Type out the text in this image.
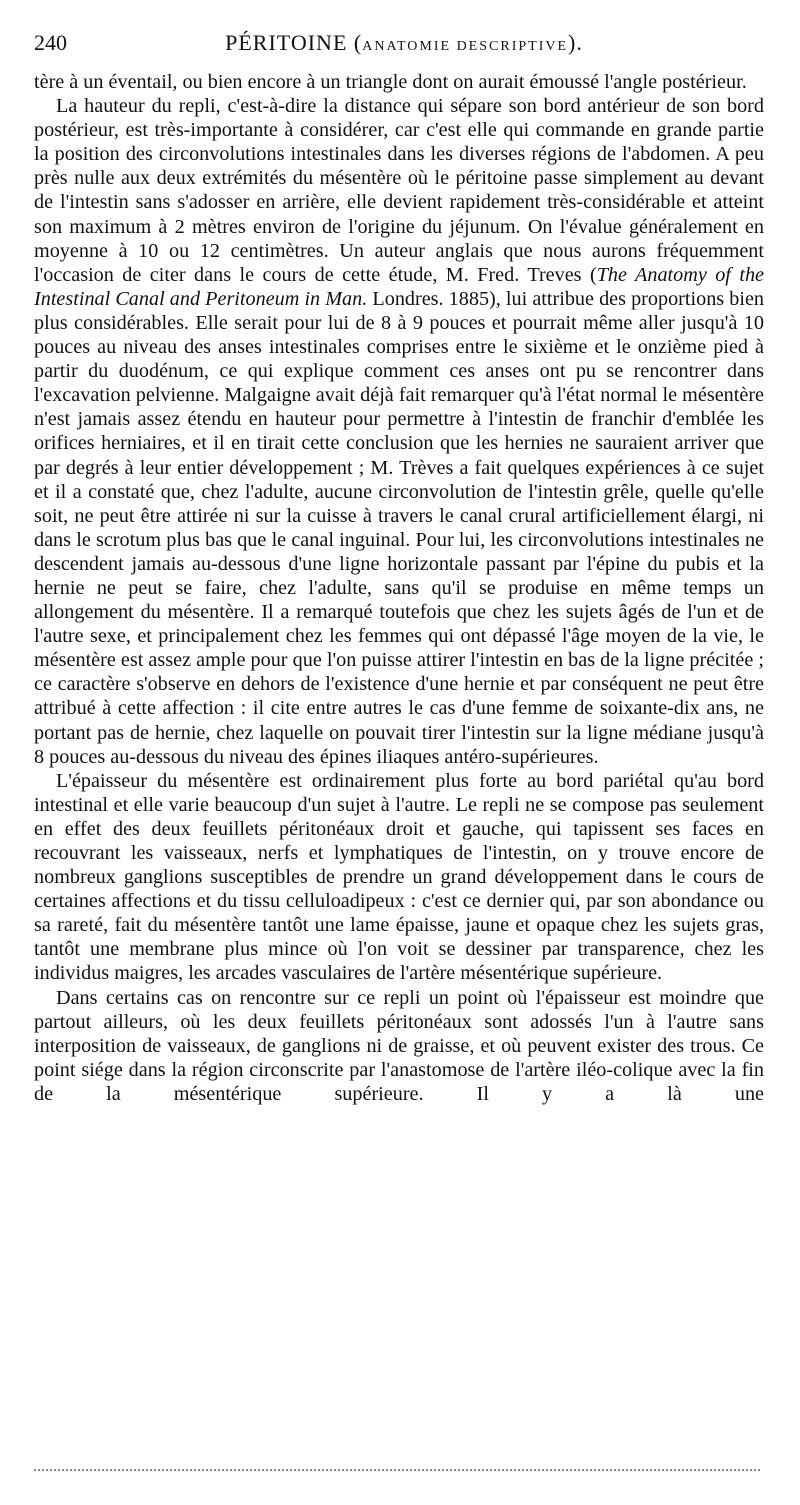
240	PÉRITOINE (ANATOMIE DESCRIPTIVE).

tère à un éventail, ou bien encore à un triangle dont on aurait émoussé l'angle postérieur.

La hauteur du repli, c'est-à-dire la distance qui sépare son bord antérieur de son bord postérieur, est très-importante à considérer, car c'est elle qui commande en grande partie la position des circonvolutions intestinales dans les diverses régions de l'abdomen. A peu près nulle aux deux extrémités du mésentère où le péritoine passe simplement au devant de l'intestin sans s'adosser en arrière, elle devient rapidement très-considérable et atteint son maximum à 2 mètres environ de l'origine du jéjunum. On l'évalue généralement en moyenne à 10 ou 12 centimètres. Un auteur anglais que nous aurons fréquemment l'occasion de citer dans le cours de cette étude, M. Fred. Treves (The Anatomy of the Intestinal Canal and Peritoneum in Man. Londres. 1885), lui attribue des proportions bien plus considérables. Elle serait pour lui de 8 à 9 pouces et pourrait même aller jusqu'à 10 pouces au niveau des anses intestinales comprises entre le sixième et le onzième pied à partir du duodénum, ce qui explique comment ces anses ont pu se rencontrer dans l'excavation pelvienne. Malgaigne avait déjà fait remarquer qu'à l'état normal le mésentère n'est jamais assez étendu en hauteur pour permettre à l'intestin de franchir d'emblée les orifices herniaires, et il en tirait cette conclusion que les hernies ne sauraient arriver que par degrés à leur entier développement ; M. Trèves a fait quelques expériences à ce sujet et il a constaté que, chez l'adulte, aucune circonvolution de l'intestin grêle, quelle qu'elle soit, ne peut être attirée ni sur la cuisse à travers le canal crural artificiellement élargi, ni dans le scrotum plus bas que le canal inguinal. Pour lui, les circonvolutions intestinales ne descendent jamais au-dessous d'une ligne horizontale passant par l'épine du pubis et la hernie ne peut se faire, chez l'adulte, sans qu'il se produise en même temps un allongement du mésentère. Il a remarqué toutefois que chez les sujets âgés de l'un et de l'autre sexe, et principalement chez les femmes qui ont dépassé l'âge moyen de la vie, le mésentère est assez ample pour que l'on puisse attirer l'intestin en bas de la ligne précitée ; ce caractère s'observe en dehors de l'existence d'une hernie et par conséquent ne peut être attribué à cette affection : il cite entre autres le cas d'une femme de soixante-dix ans, ne portant pas de hernie, chez laquelle on pouvait tirer l'intestin sur la ligne médiane jusqu'à 8 pouces au-dessous du niveau des épines iliaques antéro-supérieures.

L'épaisseur du mésentère est ordinairement plus forte au bord pariétal qu'au bord intestinal et elle varie beaucoup d'un sujet à l'autre. Le repli ne se compose pas seulement en effet des deux feuillets péritonéaux droit et gauche, qui tapissent ses faces en recouvrant les vaisseaux, nerfs et lymphatiques de l'intestin, on y trouve encore de nombreux ganglions susceptibles de prendre un grand développement dans le cours de certaines affections et du tissu celluloadipeux : c'est ce dernier qui, par son abondance ou sa rareté, fait du mésentère tantôt une lame épaisse, jaune et opaque chez les sujets gras, tantôt une membrane plus mince où l'on voit se dessiner par transparence, chez les individus maigres, les arcades vasculaires de l'artère mésentérique supérieure.

Dans certains cas on rencontre sur ce repli un point où l'épaisseur est moindre que partout ailleurs, où les deux feuillets péritonéaux sont adossés l'un à l'autre sans interposition de vaisseaux, de ganglions ni de graisse, et où peuvent exister des trous. Ce point siége dans la région circonscrite par l'anastomose de l'artère iléo-colique avec la fin de la mésentérique supérieure. Il y a là une
